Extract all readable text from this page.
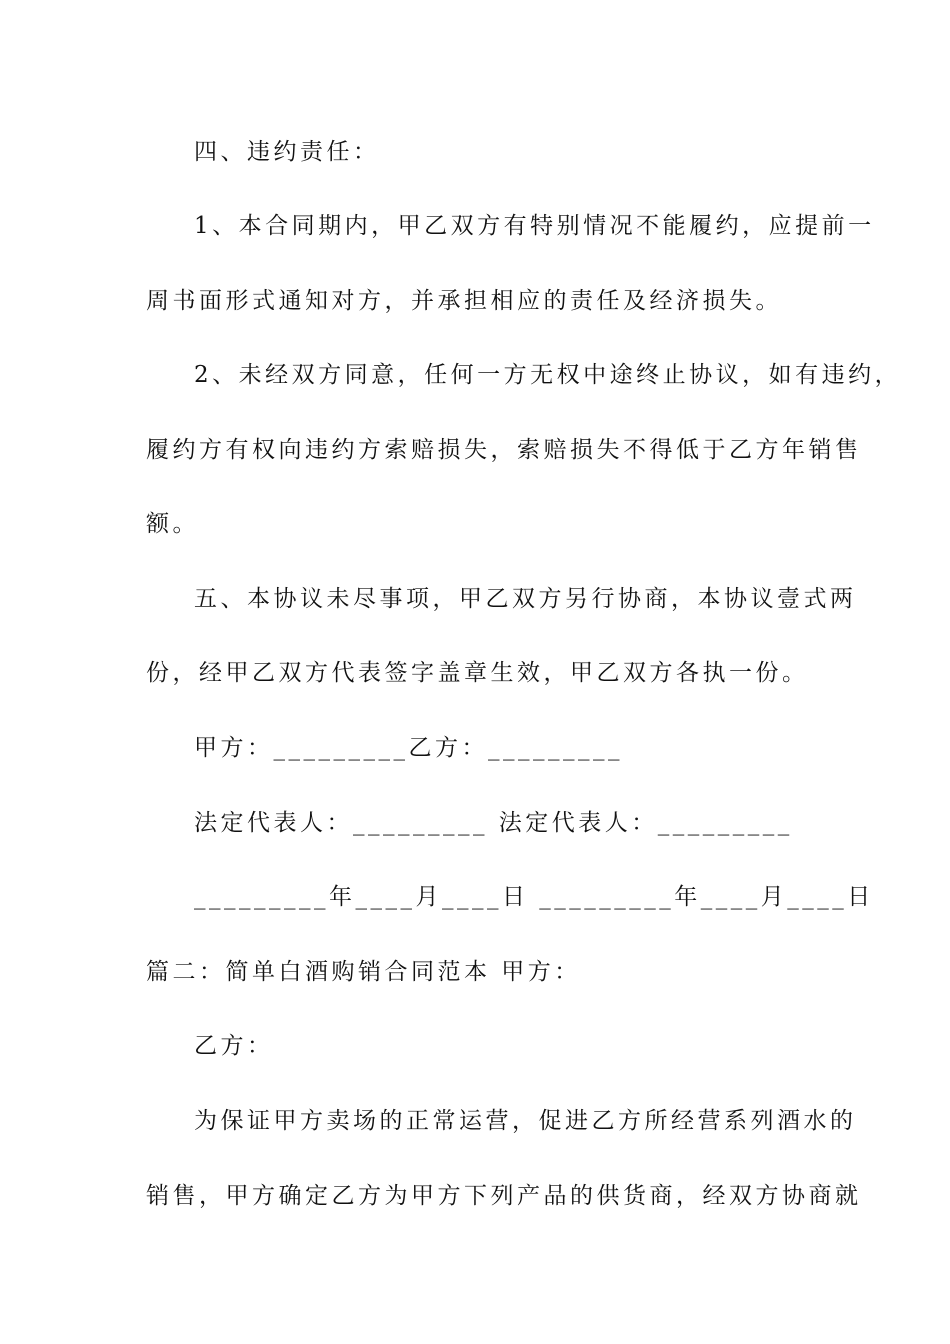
四、违约责任：
1、本合同期内，甲乙双方有特别情况不能履约，应提前一
周书面形式通知对方，并承担相应的责任及经济损失。
2、未经双方同意，任何一方无权中途终止协议，如有违约，
履约方有权向违约方索赔损失，索赔损失不得低于乙方年销售
额。
五、本协议未尽事项，甲乙双方另行协商，本协议壹式两
份，经甲乙双方代表签字盖章生效，甲乙双方各执一份。
甲方：_________乙方：_________
法定代表人：_________ 法定代表人：_________
_________年____月____日 _________年____月____日
篇二：简单白酒购销合同范本 甲方：
乙方：
为保证甲方卖场的正常运营，促进乙方所经营系列酒水的
销售，甲方确定乙方为甲方下列产品的供货商，经双方协商就
